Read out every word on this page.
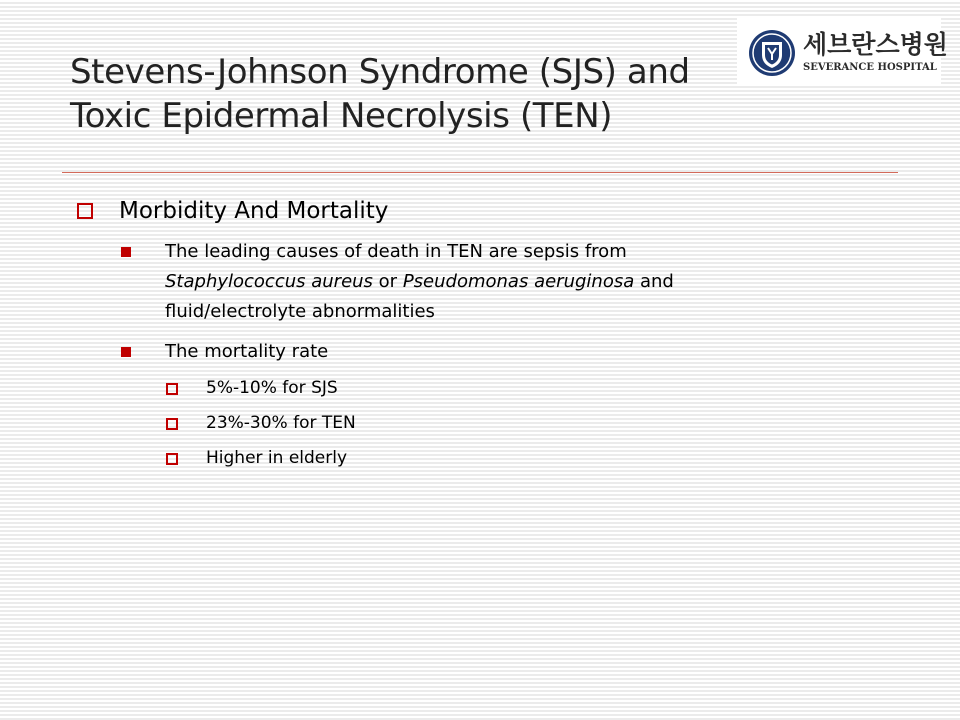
Stevens-Johnson Syndrome (SJS) and
Toxic Epidermal Necrolysis (TEN)
세브란스병원
SEVERANCE HOSPITAL
Morbidity And Mortality
The leading causes of death in TEN are sepsis from
Staphylococcus aureus or Pseudomonas aeruginosa and
fluid/electrolyte abnormalities
The mortality rate
5%-10% for SJS
23%-30% for TEN
Higher in elderly
